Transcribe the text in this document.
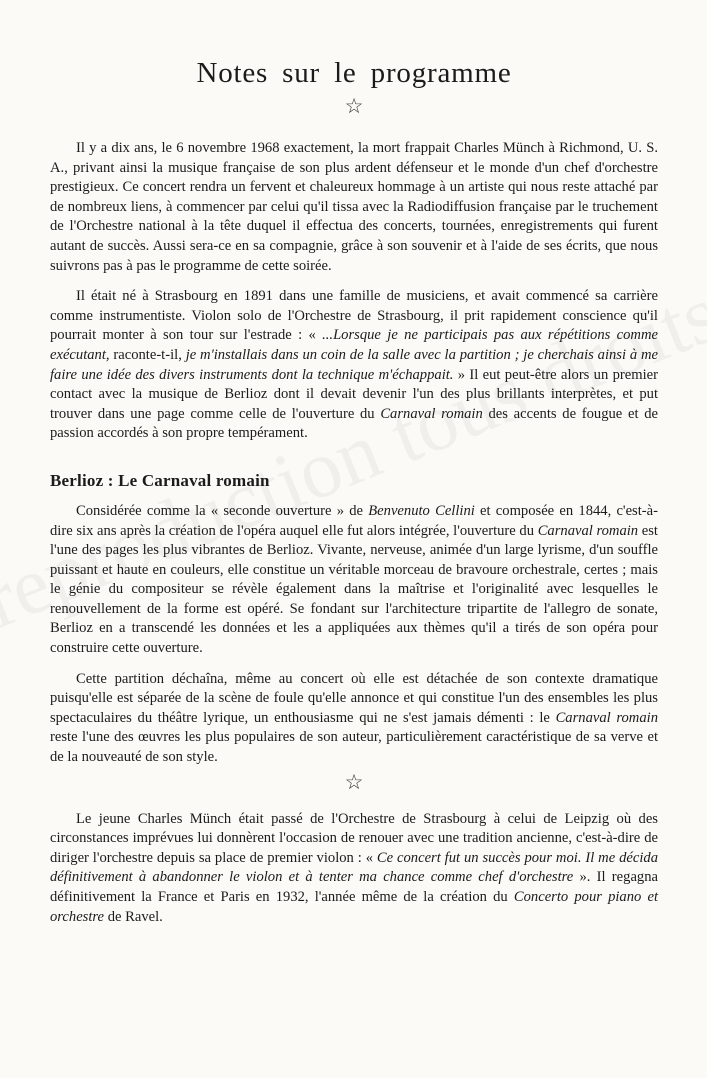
Notes sur le programme
☆

Il y a dix ans, le 6 novembre 1968 exactement, la mort frappait Charles Münch à Richmond, U. S. A., privant ainsi la musique française de son plus ardent défenseur et le monde d'un chef d'orchestre prestigieux. Ce concert rendra un fervent et chaleureux hommage à un artiste qui nous reste attaché par de nombreux liens, à commencer par celui qu'il tissa avec la Radiodiffusion française par le truchement de l'Orchestre national à la tête duquel il effectua des concerts, tournées, enregistrements qui furent autant de succès. Aussi sera-ce en sa compagnie, grâce à son souvenir et à l'aide de ses écrits, que nous suivrons pas à pas le programme de cette soirée.

Il était né à Strasbourg en 1891 dans une famille de musiciens, et avait commencé sa carrière comme instrumentiste. Violon solo de l'Orchestre de Strasbourg, il prit rapidement conscience qu'il pourrait monter à son tour sur l'estrade : « ...Lorsque je ne participais pas aux répétitions comme exécutant, raconte-t-il, je m'installais dans un coin de la salle avec la partition ; je cherchais ainsi à me faire une idée des divers instruments dont la technique m'échappait. » Il eut peut-être alors un premier contact avec la musique de Berlioz dont il devait devenir l'un des plus brillants interprètes, et put trouver dans une page comme celle de l'ouverture du Carnaval romain des accents de fougue et de passion accordés à son propre tempérament.

Berlioz : Le Carnaval romain

Considérée comme la « seconde ouverture » de Benvenuto Cellini et composée en 1844, c'est-à-dire six ans après la création de l'opéra auquel elle fut alors intégrée, l'ouverture du Carnaval romain est l'une des pages les plus vibrantes de Berlioz. Vivante, nerveuse, animée d'un large lyrisme, d'un souffle puissant et haute en couleurs, elle constitue un véritable morceau de bravoure orchestrale, certes ; mais le génie du compositeur se révèle également dans la maîtrise et l'originalité avec lesquelles le renouvellement de la forme est opéré. Se fondant sur l'architecture tripartite de l'allegro de sonate, Berlioz en a transcendé les données et les a appliquées aux thèmes qu'il a tirés de son opéra pour construire cette ouverture.

Cette partition déchaîna, même au concert où elle est détachée de son contexte dramatique puisqu'elle est séparée de la scène de foule qu'elle annonce et qui constitue l'un des ensembles les plus spectaculaires du théâtre lyrique, un enthousiasme qui ne s'est jamais démenti : le Carnaval romain reste l'une des œuvres les plus populaires de son auteur, particulièrement caractéristique de sa verve et de la nouveauté de son style.

☆

Le jeune Charles Münch était passé de l'Orchestre de Strasbourg à celui de Leipzig où des circonstances imprévues lui donnèrent l'occasion de renouer avec une tradition ancienne, c'est-à-dire de diriger l'orchestre depuis sa place de premier violon : « Ce concert fut un succès pour moi. Il me décida définitivement à abandonner le violon et à tenter ma chance comme chef d'orchestre ». Il regagna définitivement la France et Paris en 1932, l'année même de la création du Concerto pour piano et orchestre de Ravel.
